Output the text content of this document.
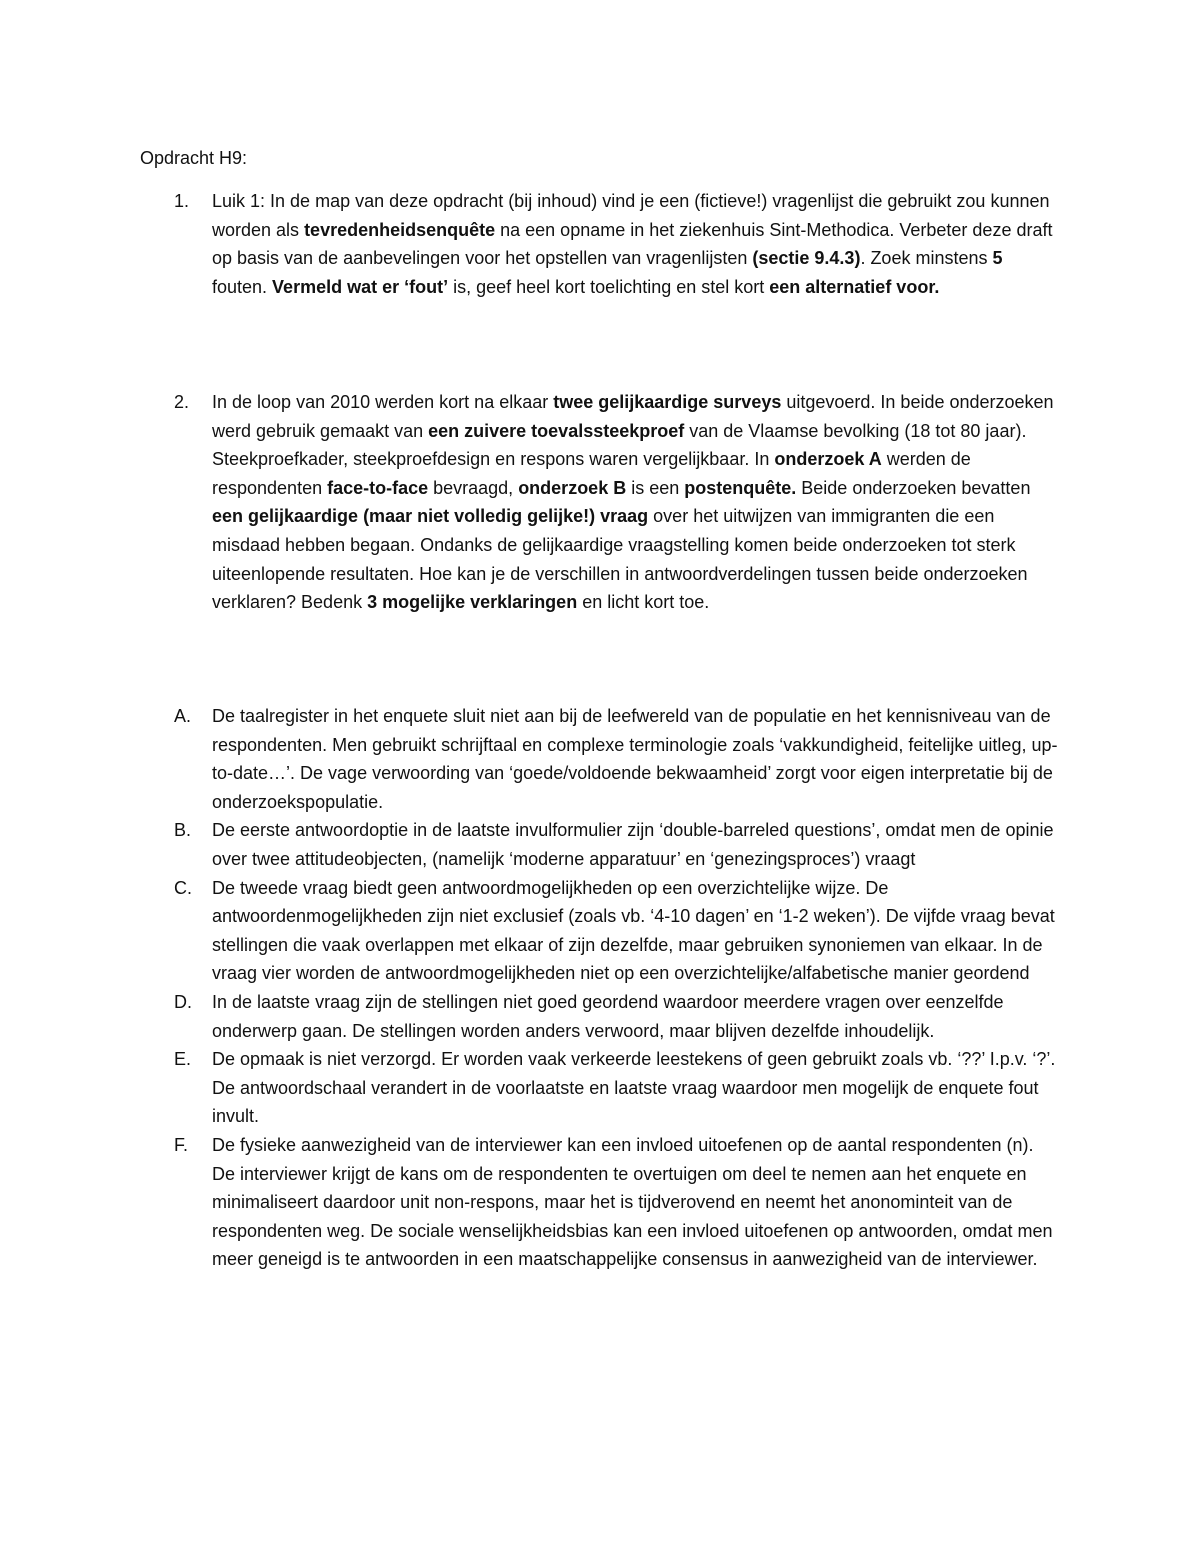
Opdracht H9:

1. Luik 1: In de map van deze opdracht (bij inhoud) vind je een (fictieve!) vragenlijst die gebruikt zou kunnen worden als tevredenheidsenquête na een opname in het ziekenhuis Sint-Methodica. Verbeter deze draft op basis van de aanbevelingen voor het opstellen van vragenlijsten (sectie 9.4.3). Zoek minstens 5 fouten. Vermeld wat er ‘fout’ is, geef heel kort toelichting en stel kort een alternatief voor.
2. In de loop van 2010 werden kort na elkaar twee gelijkaardige surveys uitgevoerd. In beide onderzoeken werd gebruik gemaakt van een zuivere toevalssteekproef van de Vlaamse bevolking (18 tot 80 jaar). Steekproefkader, steekproefdesign en respons waren vergelijkbaar. In onderzoek A werden de respondenten face-to-face bevraagd, onderzoek B is een postenquête. Beide onderzoeken bevatten een gelijkaardige (maar niet volledig gelijke!) vraag over het uitwijzen van immigranten die een misdaad hebben begaan. Ondanks de gelijkaardige vraagstelling komen beide onderzoeken tot sterk uiteenlopende resultaten. Hoe kan je de verschillen in antwoordverdelingen tussen beide onderzoeken verklaren? Bedenk 3 mogelijke verklaringen en licht kort toe.
A. De taalregister in het enquete sluit niet aan bij de leefwereld van de populatie en het kennisniveau van de respondenten. Men gebruikt schrijftaal en complexe terminologie zoals ‘vakkundigheid, feitelijke uitleg, up-to-date…’. De vage verwoording van ‘goede/voldoende bekwaamheid’ zorgt voor eigen interpretatie bij de onderzoekspopulatie.
B. De eerste antwoordoptie in de laatste invulformulier zijn ‘double-barreled questions’, omdat men de opinie over twee attitudeobjecten, (namelijk ‘moderne apparatuur’ en ‘genezingsproces’) vraagt
C. De tweede vraag biedt geen antwoordmogelijkheden op een overzichtelijke wijze. De antwoordenmogelijkheden zijn niet exclusief (zoals vb. ‘4-10 dagen’ en ‘1-2 weken’). De vijfde vraag bevat stellingen die vaak overlappen met elkaar of zijn dezelfde, maar gebruiken synoniemen van elkaar. In de vraag vier worden de antwoordmogelijkheden niet op een overzichtelijke/alfabetische manier geordend
D. In de laatste vraag zijn de stellingen niet goed geordend waardoor meerdere vragen over eenzelfde onderwerp gaan. De stellingen worden anders verwoord, maar blijven dezelfde inhoudelijk.
E. De opmaak is niet verzorgd. Er worden vaak verkeerde leestekens of geen gebruikt zoals vb. ‘??’ I.p.v. ‘?’. De antwoordschaal verandert in de voorlaatste en laatste vraag waardoor men mogelijk de enquete fout invult.
F. De fysieke aanwezigheid van de interviewer kan een invloed uitoefenen op de aantal respondenten (n). De interviewer krijgt de kans om de respondenten te overtuigen om deel te nemen aan het enquete en minimaliseert daardoor unit non-respons, maar het is tijdverovend en neemt het anonominteit van de respondenten weg. De sociale wenselijkheidsbias kan een invloed uitoefenen op antwoorden, omdat men meer geneigd is te antwoorden in een maatschappelijke consensus in aanwezigheid van de interviewer.
